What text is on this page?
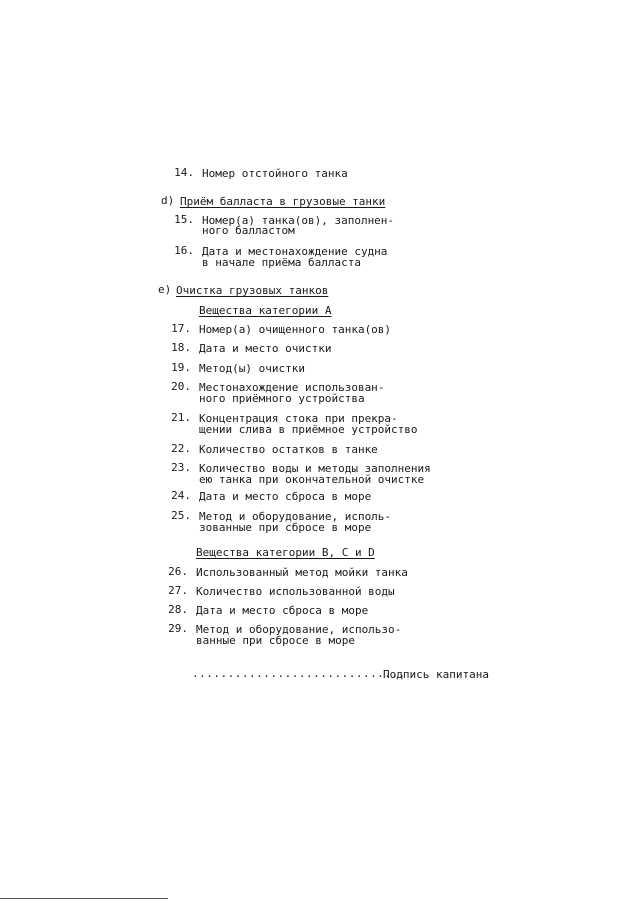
14. Номер отстойного танка
d) Приём балласта в грузовые танки
15. Номер(а) танка(ов), заполнен-
ного балластом
16. Дата и местонахождение судна
в начале приёма балласта
e) Очистка грузовых танков
Вещества категории А
17. Номер(а) очищенного танка(ов)
18. Дата и место очистки
19. Метод(ы) очистки
20. Местонахождение использован-
ного приёмного устройства
21. Концентрация стока при прекра-
щении слива в приёмное устройство
22. Количество остатков в танке
23. Количество воды и методы заполнения
ею танка при окончательной очистке
24. Дата и место сброса в море
25. Метод и оборудование, исполь-
зованные при сбросе в море
Вещества категории В, С и D
26. Использованный метод мойки танка
27. Количество использованной воды
28. Дата и место сброса в море
29. Метод и оборудование, использо-
ванные при сбросе в море
..............................
Подпись капитана
